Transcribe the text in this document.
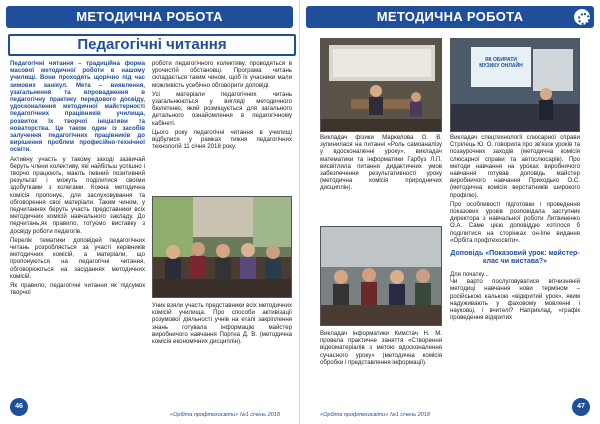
МЕТОДИЧНА РОБОТА
Педагогічні читання

Педагогічні читання – традиційна форма масової методичної роботи в нашому училищі. Вони проходять щорічно під час зимових канікул. Мета – виявлення, узагальнення та впровадження в педагогічну практику передового досвіду, удосконалення методичної майстерності педагогічних працівників училища, розвиток їх творчої ініціативи та новаторства. Це також один із засобів залучення педагогічних працівників до вирішення проблем професійно-технічної освіти.

Активну участь у такому заході зазвичай беруть члени колективу, які найбільш успішно і творчо працюють, мають певний позитивний результат і можуть поділитися своїми здобутками з колегами. Кожна методична комісія пропонує, для заслуховування та обговорення свої матеріали. Таким чином, у педчитаннях беруть участь представники всіх методичних комісій навчального закладу. До педчитань,як правило, готуємо виставку з досвіду роботи педагогів.

Перелік тематики доповідей педагогічних читань розробляється за участі керівників методичних комісій, а матеріали, що пропонуються на педагогічні читання, обговорюються на засіданнях методичних комісій.

Як правило, педагогічні читання як підсумок творчої

роботи педагогічного колективу, проводяться в урочистій обстановці. Програма читань складається таким чином, щоб їх учасники мали можливість усебічно обговорити доповіді.

Усі матеріали педагогічних читань узагальнюються у вигляді методичного бюлетеню, який розміщується для загального детального ознайомлення в педагогічному кабінеті.

Цього року педагогічні читання в училищі відбулися у рамках тижня педагогічних технологій 11 січня 2018 року.

Уник взяли участь представники всіх методичних комісій училища. Про способи активізації розумової діяльності учнів на етапі закріплення знань готувала інформацію майстер виробничого навчання Портна Д. В. (методична комісія економічних дисциплін).
46
«Орбіта профтехосвіти» №1 січень 2018
МЕТОДИЧНА РОБОТА
ЯК ОБИРАТИ МУЗИКУ ОНЛАЙН
Викладач фізики Маркелова О. В. зупинилася на питанні «Роль самоаналізу у вдосконаленні уроку», викладач математики та інформатики Гарбуз Л.П. висвітлила питання дидактичних умов забезпечення результативності уроку (методична комісія природничих дисциплін).
Викладач інформатики Кимстач Н. М. провела практичне заняття «Створення відеоматеріалів з метою вдосконалення сучасного уроку» (методична комісія обробки і представлення інформації).

Викладач спецтехнології слюсарної справи Стрілець Ю. О. говорила про зв'язок уроків та позаурочних заходів (методична комісія слюсарної справи та автослюсарів). Про методи навчання на уроках виробничого навчання готував доповідь майстер виробничого навчання Приходько О.С. (методична комісія верстатників широкого профілю).

Про особливості підготовки і проведення показових уроків розповідала заступник директора з навчальної роботи Литвиненко О.А. Саме цією доповіддю хотілося б поділитися на сторінках он-line видання «Орбіта профтехосвіти».

Доповідь «Показовий урок: майстер-клас чи вистава?»

Для початку...

Чи варто послуговуватися вітчизняній методиці навчання нови терміном – російською калькою «відкритий урок», яким надуживають у фаховому мовленні і науковці, і вчителі? Наприклад, «графік проведення відкритих

«Орбіта профтехосвіти» №1 січень 2018
47
